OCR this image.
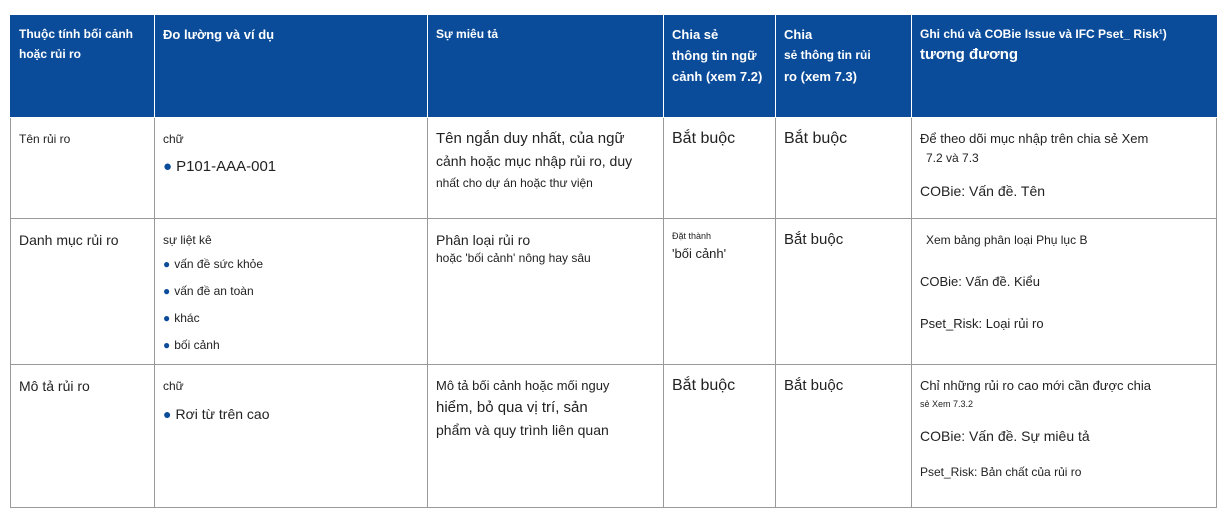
Thuộc tính bối cảnh
hoặc rủi ro	Đo lường và ví dụ	Sự miêu tả	Chia sẻ
thông tin ngữ
cảnh (xem 7.2)	Chia
sẻ thông tin rủi
ro (xem 7.3)	Ghi chú và COBie Issue và IFC Pset_ Risk¹)
tương đương

Tên rủi ro	chữ
● P101-AAA-001	Tên ngắn duy nhất, của ngữ
cảnh hoặc mục nhập rủi ro, duy
nhất cho dự án hoặc thư viện	Bắt buộc	Bắt buộc	Để theo dõi mục nhập trên chia sẻ Xem
7.2 và 7.3
COBie: Vấn đề. Tên

Danh mục rủi ro	sự liệt kê
● vấn đề sức khỏe
● vấn đề an toàn
● khác
● bối cảnh	Phân loại rủi ro
hoặc 'bối cảnh' nông hay sâu	Đặt thành
'bối cảnh'	Bắt buộc	Xem bảng phân loại Phụ lục B
COBie: Vấn đề. Kiểu
Pset_Risk: Loại rủi ro

Mô tả rủi ro	chữ
● Rơi từ trên cao	Mô tả bối cảnh hoặc mối nguy
hiểm, bỏ qua vị trí, sản
phẩm và quy trình liên quan	Bắt buộc	Bắt buộc	Chỉ những rủi ro cao mới cần được chia
sẻ Xem 7.3.2
COBie: Vấn đề. Sự miêu tả
Pset_Risk: Bản chất của rủi ro
